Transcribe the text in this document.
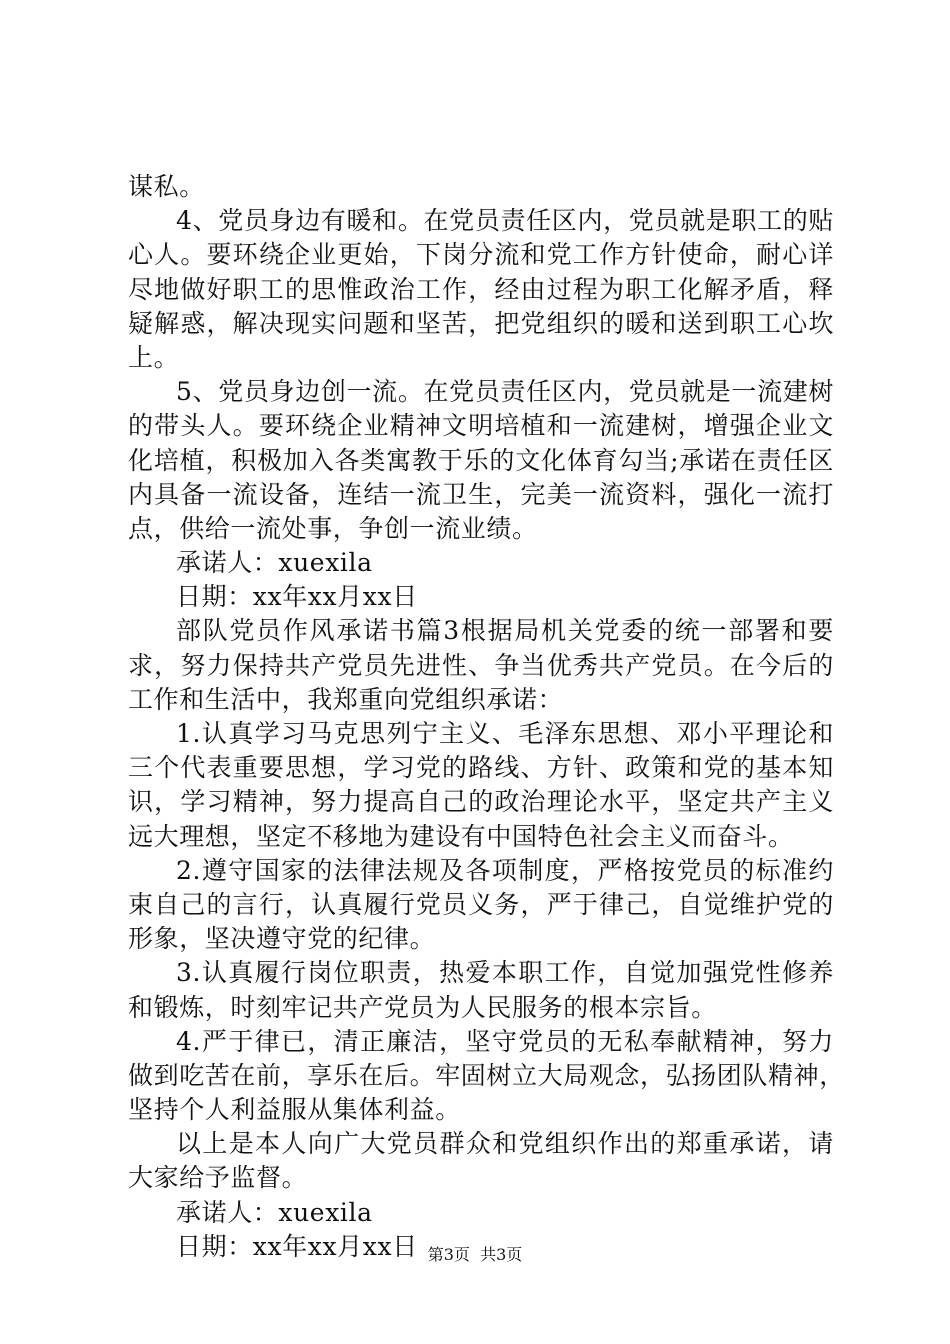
谋私。
4、党员身边有暖和。在党员责任区内，党员就是职工的贴
心人。要环绕企业更始，下岗分流和党工作方针使命，耐心详
尽地做好职工的思惟政治工作，经由过程为职工化解矛盾，释
疑解惑，解决现实问题和坚苦，把党组织的暖和送到职工心坎
上。
5、党员身边创一流。在党员责任区内，党员就是一流建树
的带头人。要环绕企业精神文明培植和一流建树，增强企业文
化培植，积极加入各类寓教于乐的文化体育勾当;承诺在责任区
内具备一流设备，连结一流卫生，完美一流资料，强化一流打
点，供给一流处事，争创一流业绩。
承诺人：xuexila
日期：xx年xx月xx日
部队党员作风承诺书篇3根据局机关党委的统一部署和要
求，努力保持共产党员先进性、争当优秀共产党员。在今后的
工作和生活中，我郑重向党组织承诺：
1.认真学习马克思列宁主义、毛泽东思想、邓小平理论和
三个代表重要思想，学习党的路线、方针、政策和党的基本知
识，学习精神，努力提高自己的政治理论水平，坚定共产主义
远大理想，坚定不移地为建设有中国特色社会主义而奋斗。
2.遵守国家的法律法规及各项制度，严格按党员的标准约
束自己的言行，认真履行党员义务，严于律己，自觉维护党的
形象，坚决遵守党的纪律。
3.认真履行岗位职责，热爱本职工作，自觉加强党性修养
和锻炼，时刻牢记共产党员为人民服务的根本宗旨。
4.严于律已，清正廉洁，坚守党员的无私奉献精神，努力
做到吃苦在前，享乐在后。牢固树立大局观念，弘扬团队精神，
坚持个人利益服从集体利益。
以上是本人向广大党员群众和党组织作出的郑重承诺，请
大家给予监督。
承诺人：xuexila
日期：xx年xx月xx日 第3页  共3页
